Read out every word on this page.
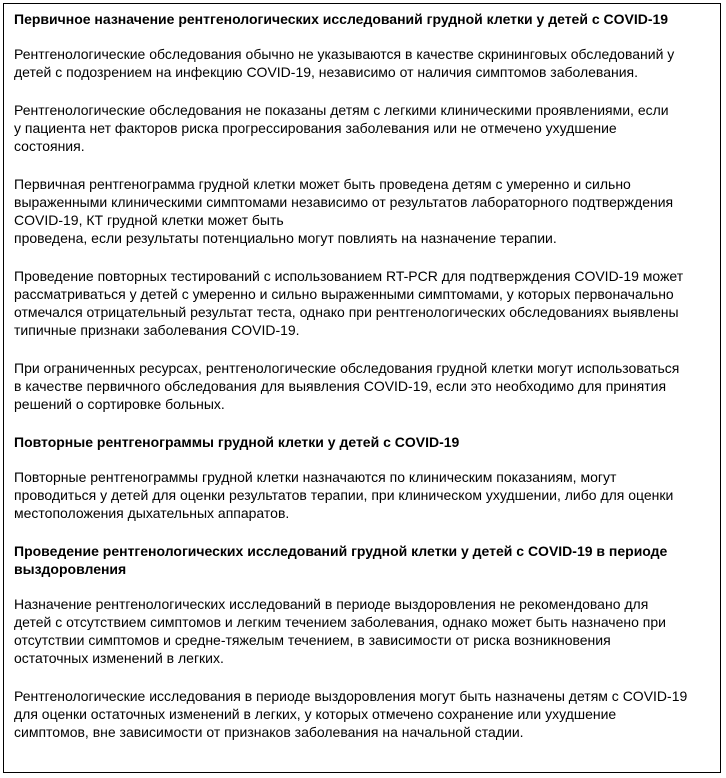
Первичное назначение рентгенологических исследований грудной клетки у детей с COVID-19

Рентгенологические обследования обычно не указываются в качестве скрининговых обследований у
детей с подозрением на инфекцию COVID-19, независимо от наличия симптомов заболевания.

Рентгенологические обследования не показаны детям с легкими клиническими проявлениями, если
у пациента нет факторов риска прогрессирования заболевания или не отмечено ухудшение
состояния.

Первичная рентгенограмма грудной клетки может быть проведена детям с умеренно и сильно
выраженными клиническими симптомами независимо от результатов лабораторного подтверждения
COVID-19, КТ грудной клетки может быть
проведена, если результаты потенциально могут повлиять на назначение терапии.

Проведение повторных тестирований с использованием RT-PCR для подтверждения COVID-19 может
рассматриваться у детей с умеренно и сильно выраженными симптомами, у которых первоначально
отмечался отрицательный результат теста, однако при рентгенологических обследованиях выявлены
типичные признаки заболевания COVID-19.

При ограниченных ресурсах, рентгенологические обследования грудной клетки могут использоваться
в качестве первичного обследования для выявления COVID-19, если это необходимо для принятия
решений о сортировке больных.

Повторные рентгенограммы грудной клетки у детей с COVID-19

Повторные рентгенограммы грудной клетки назначаются по клиническим показаниям, могут
проводиться у детей для оценки результатов терапии, при клиническом ухудшении, либо для оценки
местоположения дыхательных аппаратов.

Проведение рентгенологических исследований грудной клетки у детей с COVID-19 в периоде
выздоровления

Назначение рентгенологических исследований в периоде выздоровления не рекомендовано для
детей с отсутствием симптомов и легким течением заболевания, однако может быть назначено при
отсутствии симптомов и средне-тяжелым течением, в зависимости от риска возникновения
остаточных изменений в легких.

Рентгенологические исследования в периоде выздоровления могут быть назначены детям с COVID-19
для оценки остаточных изменений в легких, у которых отмечено сохранение или ухудшение
симптомов, вне зависимости от признаков заболевания на начальной стадии.
